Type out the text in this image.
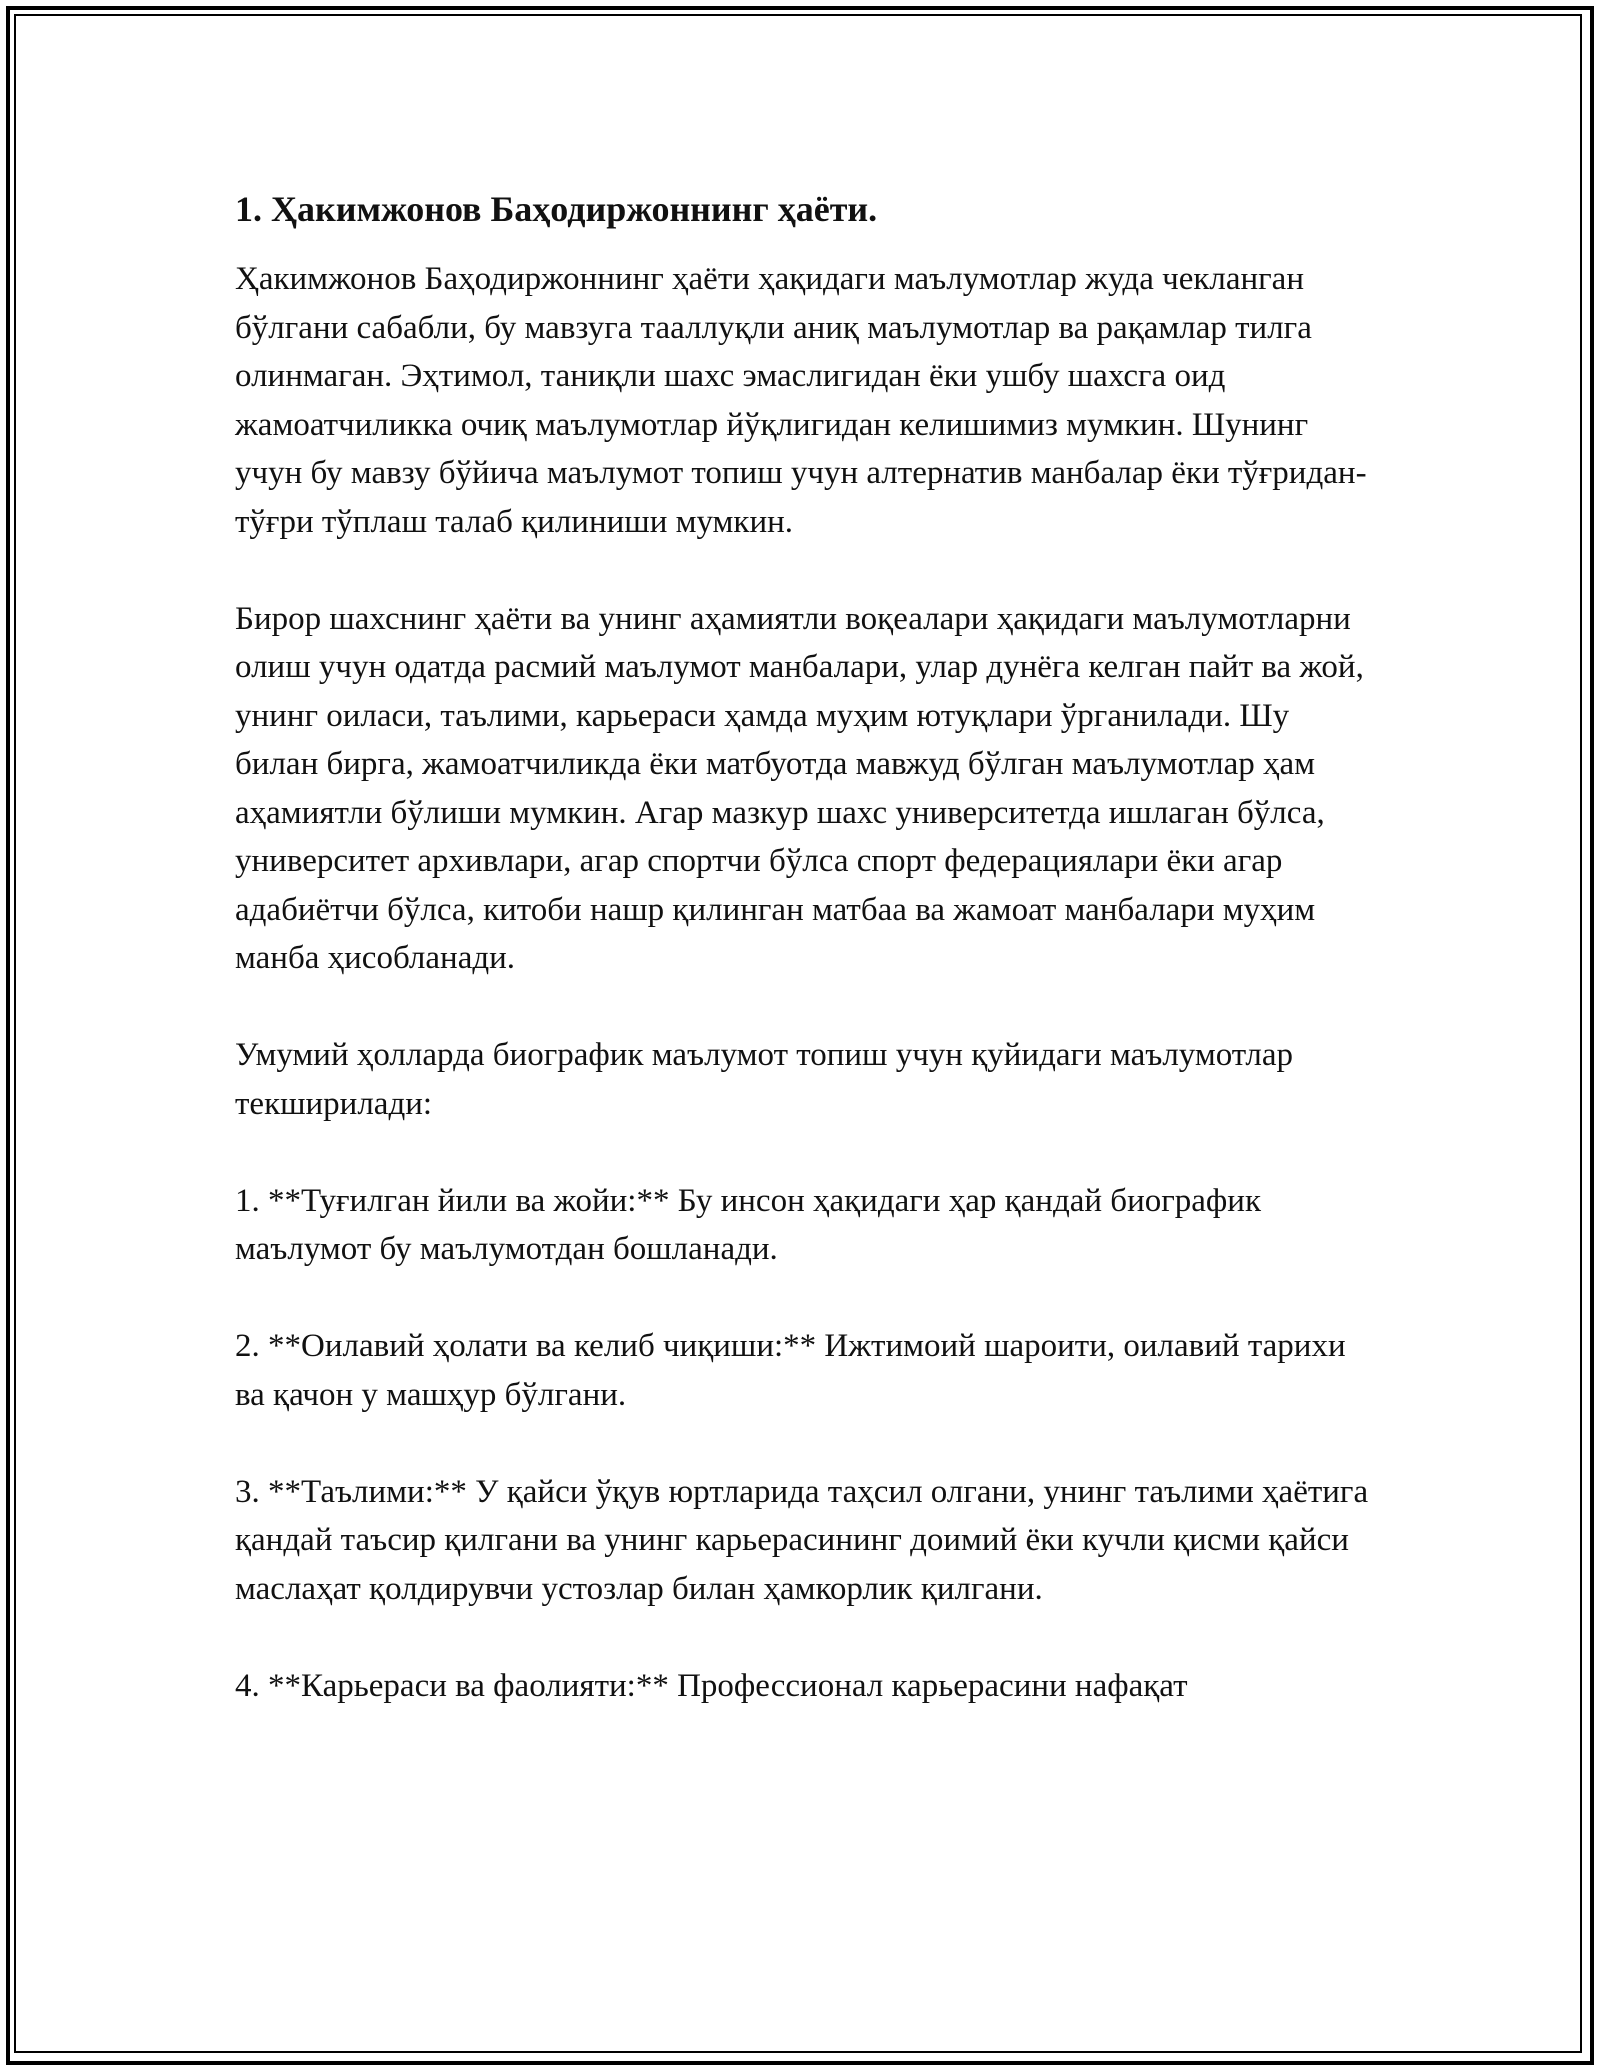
1. Ҳакимжонов Баҳодиржоннинг ҳаёти.

Ҳакимжонов Баҳодиржоннинг ҳаёти ҳақидаги маълумотлар жуда чекланган бўлгани сабабли, бу мавзуга тааллуқли аниқ маълумотлар ва рақамлар тилга олинмаган. Эҳтимол, таниқли шахс эмаслигидан ёки ушбу шахсга оид жамоатчиликка очиқ маълумотлар йўқлигидан келишимиз мумкин. Шунинг учун бу мавзу бўйича маълумот топиш учун алтернатив манбалар ёки тўғридан-тўғри тўплаш талаб қилиниши мумкин.

Бирор шахснинг ҳаёти ва унинг аҳамиятли воқеалари ҳақидаги маълумотларни олиш учун одатда расмий маълумот манбалари, улар дунёга келган пайт ва жой, унинг оиласи, таълими, карьераси ҳамда муҳим ютуқлари ўрганилади. Шу билан бирга, жамоатчиликда ёки матбуотда мавжуд бўлган маълумотлар ҳам аҳамиятли бўлиши мумкин. Агар мазкур шахс университетда ишлаган бўлса, университет архивлари, агар спортчи бўлса спорт федерациялари ёки агар адабиётчи бўлса, китоби нашр қилинган матбаа ва жамоат манбалари муҳим манба ҳисобланади.

Умумий ҳолларда биографик маълумот топиш учун қуйидаги маълумотлар текширилади:

1. **Туғилган йили ва жойи:** Бу инсон ҳақидаги ҳар қандай биографик маълумот бу маълумотдан бошланади.

2. **Оилавий ҳолати ва келиб чиқиши:** Ижтимоий шароити, оилавий тарихи ва қачон у машҳур бўлгани.

3. **Таълими:** У қайси ўқув юртларида таҳсил олгани, унинг таълими ҳаётига қандай таъсир қилгани ва унинг карьерасининг доимий ёки кучли қисми қайси маслаҳат қолдирувчи устозлар билан ҳамкорлик қилгани.

4. **Карьераси ва фаолияти:** Профессионал карьерасини нафақат
